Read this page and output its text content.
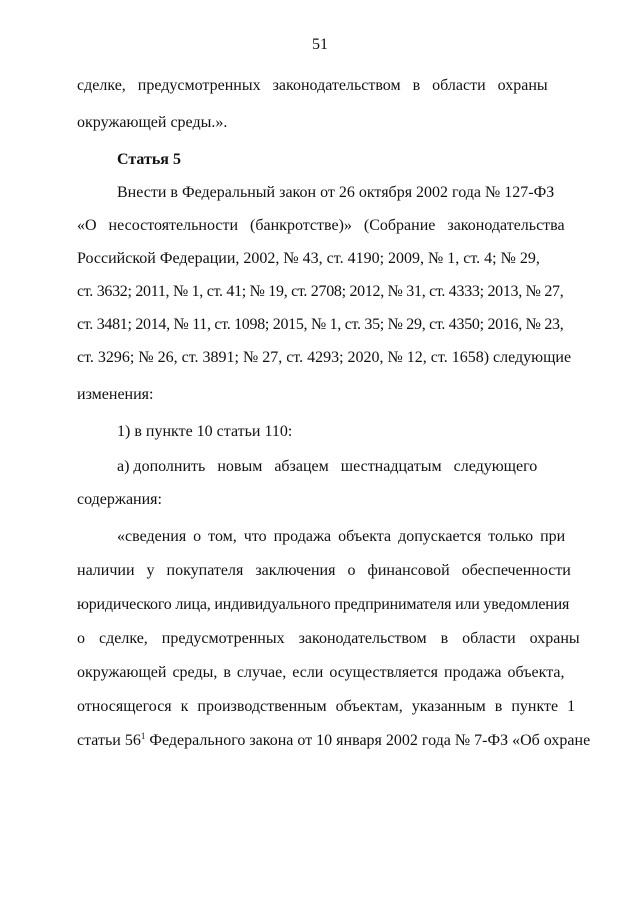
51
сделке,   предусмотренных   законодательством   в   области   охраны
окружающей среды.».
Статья 5
Внести в Федеральный закон от 26 октября 2002 года № 127-ФЗ
«О   несостоятельности   (банкротстве)»   (Собрание   законодательства
Российской Федерации, 2002, № 43, ст. 4190; 2009, № 1, ст. 4; № 29,
ст. 3632; 2011, № 1, ст. 41; № 19, ст. 2708; 2012, № 31, ст. 4333; 2013, № 27,
ст. 3481; 2014, № 11, ст. 1098; 2015, № 1, ст. 35; № 29, ст. 4350; 2016, № 23,
ст. 3296; № 26, ст. 3891; № 27, ст. 4293; 2020, № 12, ст. 1658) следующие
изменения:
1) в пункте 10 статьи 110:
а) дополнить   новым   абзацем   шестнадцатым   следующего
содержания:
«сведения о том, что продажа объекта допускается только при
наличии у покупателя заключения о финансовой обеспеченности
юридического лица, индивидуального предпринимателя или уведомления
о сделке, предусмотренных законодательством в области охраны
окружающей среды, в случае, если осуществляется продажа объекта,
относящегося к производственным объектам, указанным в пункте 1
статьи $56^1$ Федерального закона от 10 января 2002 года № 7-ФЗ «Об охране
